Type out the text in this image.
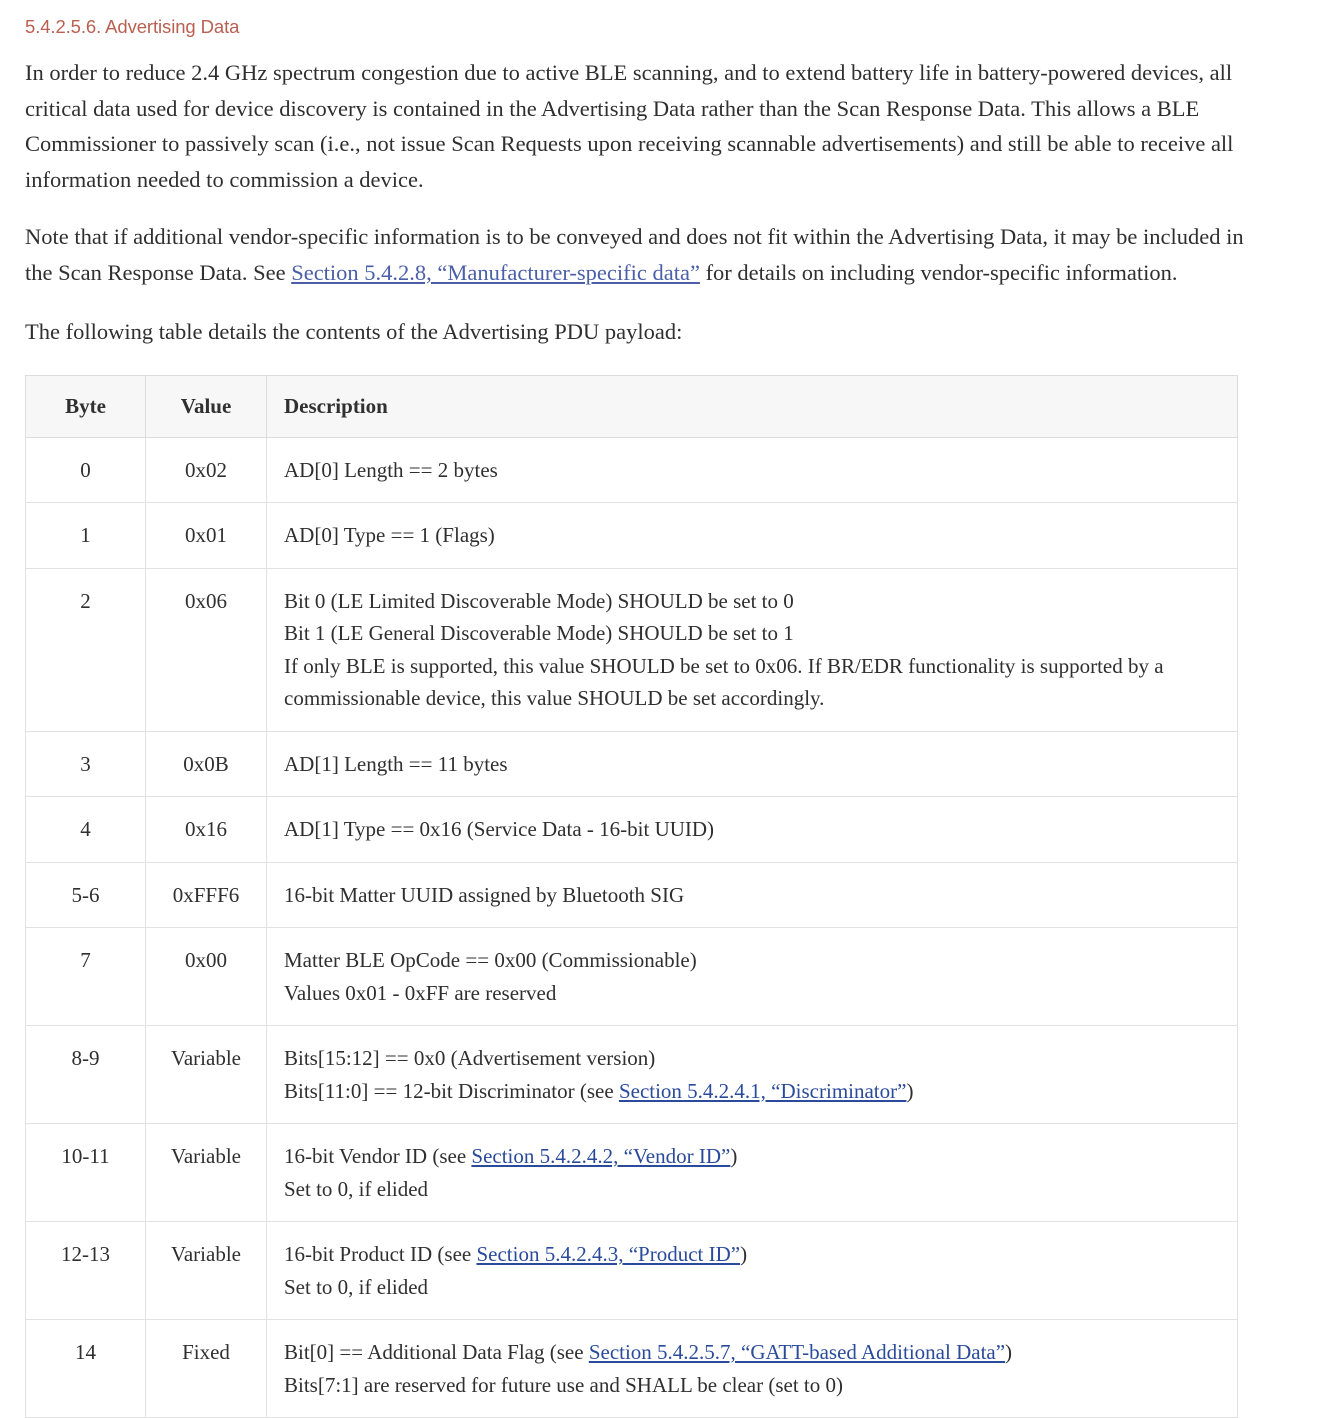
5.4.2.5.6. Advertising Data

In order to reduce 2.4 GHz spectrum congestion due to active BLE scanning, and to extend battery life in battery-powered devices, all critical data used for device discovery is contained in the Advertising Data rather than the Scan Response Data. This allows a BLE Commissioner to passively scan (i.e., not issue Scan Requests upon receiving scannable advertisements) and still be able to receive all information needed to commission a device.

Note that if additional vendor-specific information is to be conveyed and does not fit within the Advertising Data, it may be included in the Scan Response Data. See Section 5.4.2.8, “Manufacturer-specific data” for details on including vendor-specific information.

The following table details the contents of the Advertising PDU payload:

Byte	Value	Description
0	0x02	AD[0] Length == 2 bytes

1	0x01	AD[0] Type == 1 (Flags)

2	0x06	Bit 0 (LE Limited Discoverable Mode) SHOULD be set to 0
Bit 1 (LE General Discoverable Mode) SHOULD be set to 1
If only BLE is supported, this value SHOULD be set to 0x06. If BR/EDR functionality is supported by a commissionable device, this value SHOULD be set accordingly.

3	0x0B	AD[1] Length == 11 bytes

4	0x16	AD[1] Type == 0x16 (Service Data - 16-bit UUID)

5-6	0xFFF6	16-bit Matter UUID assigned by Bluetooth SIG

7	0x00	Matter BLE OpCode == 0x00 (Commissionable)
Values 0x01 - 0xFF are reserved

8-9	Variable	Bits[15:12] == 0x0 (Advertisement version)
Bits[11:0] == 12-bit Discriminator (see Section 5.4.2.4.1, “Discriminator”)

10-11	Variable	16-bit Vendor ID (see Section 5.4.2.4.2, “Vendor ID”)
Set to 0, if elided

12-13	Variable	16-bit Product ID (see Section 5.4.2.4.3, “Product ID”)
Set to 0, if elided

14	Fixed	Bit[0] == Additional Data Flag (see Section 5.4.2.5.7, “GATT-based Additional Data”)
Bits[7:1] are reserved for future use and SHALL be clear (set to 0)
